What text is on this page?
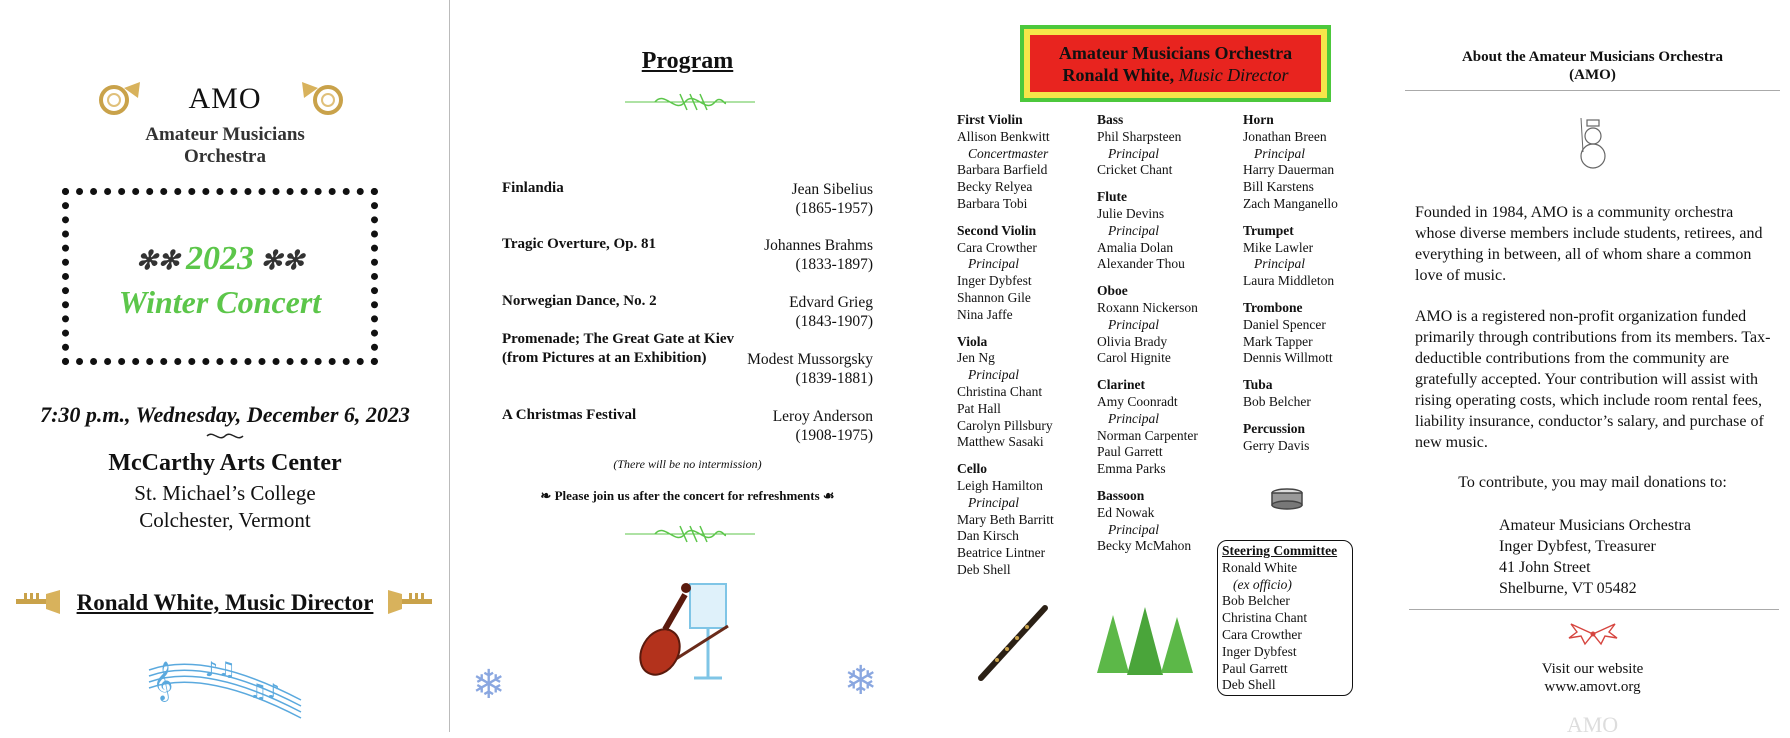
AMO
Amateur Musicians
Orchestra
✻✻ 2023 ✻✻
Winter Concert
7:30 p.m., Wednesday, December 6, 2023
McCarthy Arts Center
St. Michael’s College
Colchester, Vermont
Ronald White, Music Director
𝄞 ♪♫
♫♪
Program
Finlandia	Jean Sibelius
(1865-1957)
Tragic Overture, Op. 81	Johannes Brahms
(1833-1897)
Norwegian Dance, No. 2	Edvard Grieg
(1843-1907)
Promenade; The Great Gate at Kiev
(from Pictures at an Exhibition)	Modest Mussorgsky
(1839-1881)
A Christmas Festival	Leroy Anderson
(1908-1975)
(There will be no intermission)
❧ Please join us after the concert for refreshments ☙
❄	❄
Amateur Musicians Orchestra
Ronald White, Music Director
First Violin
Allison Benkwitt
Concertmaster
Barbara Barfield
Becky Relyea
Barbara Tobi
Second Violin
Cara Crowther
Principal
Inger Dybfest
Shannon Gile
Nina Jaffe
Viola
Jen Ng
Principal
Christina Chant
Pat Hall
Carolyn Pillsbury
Matthew Sasaki
Cello
Leigh Hamilton
Principal
Mary Beth Barritt
Dan Kirsch
Beatrice Lintner
Deb Shell
Bass
Phil Sharpsteen
Principal
Cricket Chant
Flute
Julie Devins
Principal
Amalia Dolan
Alexander Thou
Oboe
Roxann Nickerson
Principal
Olivia Brady
Carol Hignite
Clarinet
Amy Coonradt
Principal
Norman Carpenter
Paul Garrett
Emma Parks
Bassoon
Ed Nowak
Principal
Becky McMahon
Horn
Jonathan Breen
Principal
Harry Dauerman
Bill Karstens
Zach Manganello
Trumpet
Mike Lawler
Principal
Laura Middleton
Trombone
Daniel Spencer
Mark Tapper
Dennis Willmott
Tuba
Bob Belcher
Percussion
Gerry Davis
Steering Committee
Ronald White
(ex officio)
Bob Belcher
Christina Chant
Cara Crowther
Inger Dybfest
Paul Garrett
Deb Shell
About the Amateur Musicians Orchestra
(AMO)
Founded in 1984, AMO is a community orchestra whose diverse members include students, retirees, and everything in between, all of whom share a common love of music.
AMO is a registered non-profit organization funded primarily through contributions from its members. Tax-deductible contributions from the community are gratefully accepted. Your contribution will assist with rising operating costs, which include room rental fees, liability insurance, conductor’s salary, and purchase of new music.
To contribute, you may mail donations to:
Amateur Musicians Orchestra
Inger Dybfest, Treasurer
41 John Street
Shelburne, VT 05482
Visit our website
www.amovt.org
AMO
